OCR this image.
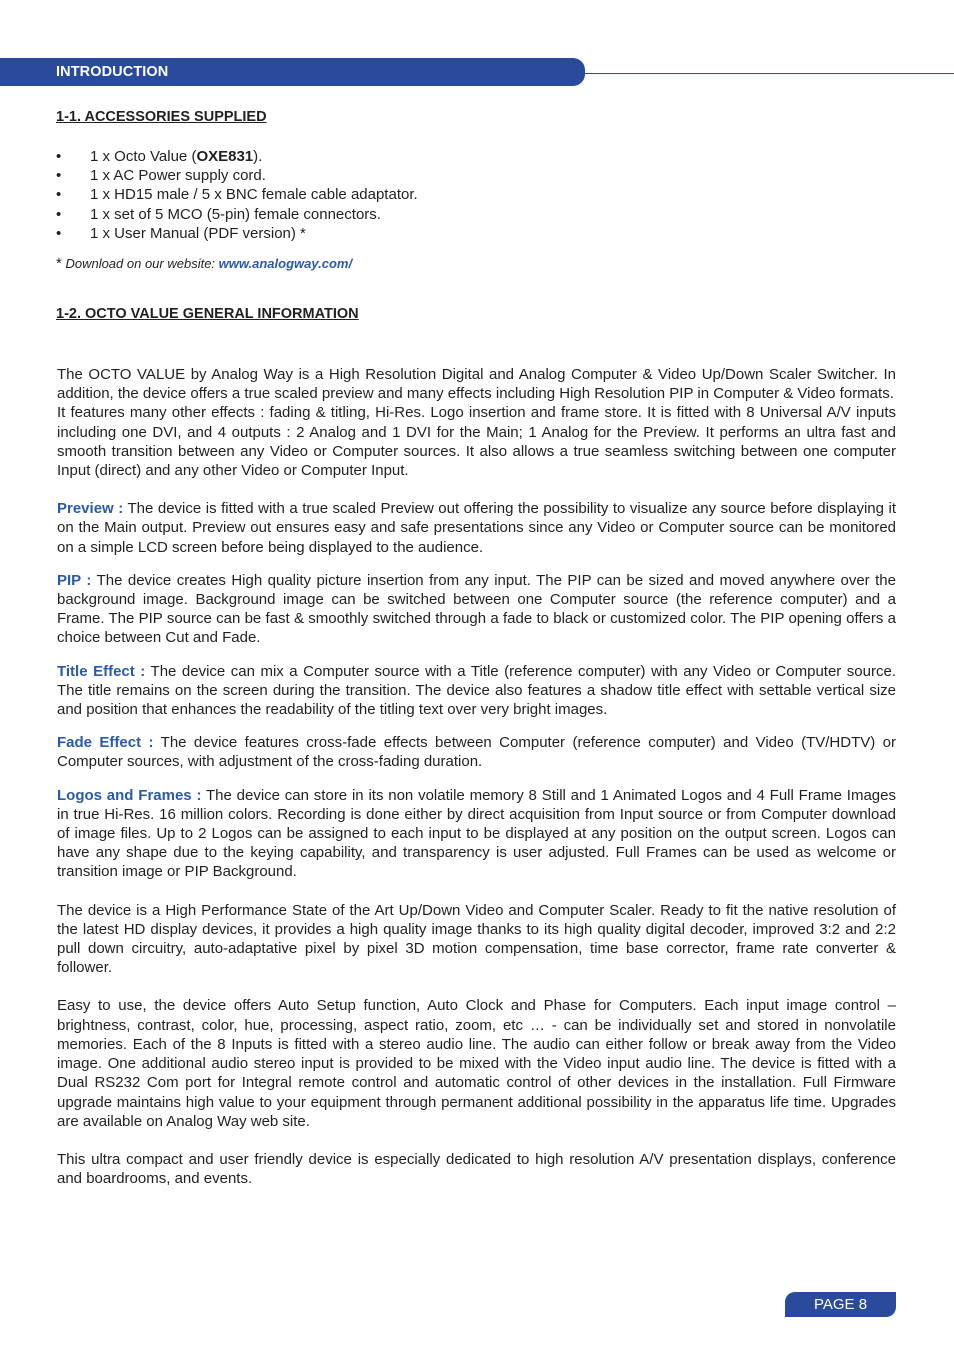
INTRODUCTION
1-1. ACCESSORIES SUPPLIED
• 1 x Octo Value (OXE831).
• 1 x AC Power supply cord.
• 1 x HD15 male / 5 x BNC female cable adaptator.
• 1 x set of 5 MCO (5-pin) female connectors.
• 1 x User Manual (PDF version) *
* Download on our website: www.analogway.com/
1-2. OCTO VALUE GENERAL INFORMATION

The OCTO VALUE by Analog Way is a High Resolution Digital and Analog Computer & Video Up/Down Scaler Switcher. In addition, the device offers a true scaled preview and many effects including High Resolution PIP in Computer & Video formats.

It features many other effects : fading & titling, Hi-Res. Logo insertion and frame store. It is fitted with 8 Universal A/V inputs including one DVI, and 4 outputs : 2 Analog and 1 DVI for the Main; 1 Analog for the Preview. It performs an ultra fast and smooth transition between any Video or Computer sources. It also allows a true seamless switching between one computer Input (direct) and any other Video or Computer Input.

Preview : The device is fitted with a true scaled Preview out offering the possibility to visualize any source before displaying it on the Main output. Preview out ensures easy and safe presentations since any Video or Computer source can be monitored on a simple LCD screen before being displayed to the audience.

PIP : The device creates High quality picture insertion from any input. The PIP can be sized and moved anywhere over the background image. Background image can be switched between one Computer source (the reference computer) and a Frame. The PIP source can be fast & smoothly switched through a fade to black or customized color. The PIP opening offers a choice between Cut and Fade.

Title Effect : The device can mix a Computer source with a Title (reference computer) with any Video or Computer source. The title remains on the screen during the transition. The device also features a shadow title effect with settable vertical size and position that enhances the readability of the titling text over very bright images.

Fade Effect : The device features cross-fade effects between Computer (reference computer) and Video (TV/HDTV) or Computer sources, with adjustment of the cross-fading duration.

Logos and Frames : The device can store in its non volatile memory 8 Still and 1 Animated Logos and 4 Full Frame Images in true Hi-Res. 16 million colors. Recording is done either by direct acquisition from Input source or from Computer download of image files. Up to 2 Logos can be assigned to each input to be displayed at any position on the output screen. Logos can have any shape due to the keying capability, and transparency is user adjusted. Full Frames can be used as welcome or transition image or PIP Background.

The device is a High Performance State of the Art Up/Down Video and Computer Scaler. Ready to fit the native resolution of the latest HD display devices, it provides a high quality image thanks to its high quality digital decoder, improved 3:2 and 2:2 pull down circuitry, auto-adaptative pixel by pixel 3D motion compensation, time base corrector, frame rate converter & follower.

Easy to use, the device offers Auto Setup function, Auto Clock and Phase for Computers. Each input image control – brightness, contrast, color, hue, processing, aspect ratio, zoom, etc … - can be individually set and stored in nonvolatile memories. Each of the 8 Inputs is fitted with a stereo audio line. The audio can either follow or break away from the Video image. One additional audio stereo input is provided to be mixed with the Video input audio line. The device is fitted with a Dual RS232 Com port for Integral remote control and automatic control of other devices in the installation. Full Firmware upgrade maintains high value to your equipment through permanent additional possibility in the apparatus life time. Upgrades are available on Analog Way web site.

This ultra compact and user friendly device is especially dedicated to high resolution A/V presentation displays, conference and boardrooms, and events.

PAGE 8
